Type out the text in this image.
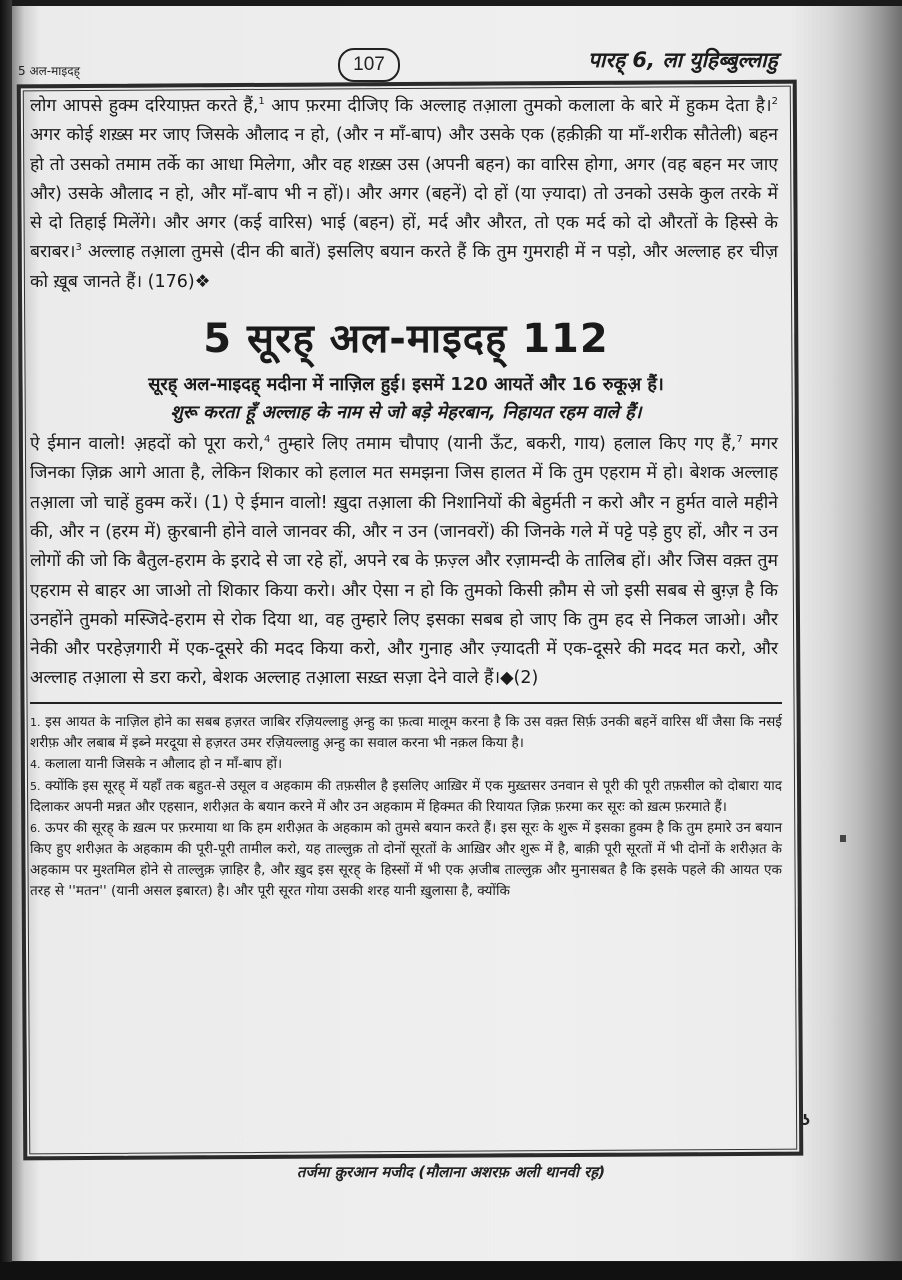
5 अल-माइदह्	107	पारह् 6, ला युहिब्बुल्लाहु

लोग आपसे हुक्म दरियाफ़्त करते हैं,$^1$ आप फ़रमा दीजिए कि अल्लाह तआ़ला तुमको कलाला के बारे में हुकम देता है।$^2$ अगर कोई शख़्स मर जाए जिसके औलाद न हो, (और न माँ-बाप) और उसके एक (हक़ीक़ी या माँ-शरीक सौतेली) बहन हो तो उसको तमाम तर्के का आधा मिलेगा, और वह शख़्स उस (अपनी बहन) का वारिस होगा, अगर (वह बहन मर जाए और) उसके औलाद न हो, और माँ-बाप भी न हों)। और अगर (बहनें) दो हों (या ज़्यादा) तो उनको उसके कुल तरके में से दो तिहाई मिलेंगे। और अगर (कई वारिस) भाई (बहन) हों, मर्द और औरत, तो एक मर्द को दो औरतों के हिस्से के बराबर।$^3$ अल्लाह तआ़ला तुमसे (दीन की बातें) इसलिए बयान करते हैं कि तुम गुमराही में न पड़ो, और अल्लाह हर चीज़ को ख़ूब जानते हैं। (176)❖

5 सूरह् अल-माइदह् 112
सूरह् अल-माइदह् मदीना में नाज़िल हुई। इसमें 120 आयतें और 16 रुकूअ़ हैं।
शुरू करता हूँ अल्लाह के नाम से जो बड़े मेहरबान, निहायत रहम वाले हैं।

ऐ ईमान वालो! अ़हदों को पूरा करो,$^4$ तुम्हारे लिए तमाम चौपाए (यानी ऊँट, बकरी, गाय) हलाल किए गए हैं,$^7$ मगर जिनका ज़िक्र आगे आता है, लेकिन शिकार को हलाल मत समझना जिस हालत में कि तुम एहराम में हो। बेशक अल्लाह तआ़ला जो चाहें हुक्म करें। (1) ऐ ईमान वालो! ख़ुदा तआ़ला की निशानियों की बेहुर्मती न करो और न हुर्मत वाले महीने की, और न (हरम में) क़ुरबानी होने वाले जानवर की, और न उन (जानवरों) की जिनके गले में पट्टे पड़े हुए हों, और न उन लोगों की जो कि बैतुल-हराम के इरादे से जा रहे हों, अपने रब के फ़ज़्ल और रज़ामन्दी के तालिब हों। और जिस वक़्त तुम एहराम से बाहर आ जाओ तो शिकार किया करो। और ऐसा न हो कि तुमको किसी क़ौम से जो इसी सबब से बुग़्ज़ है कि उनहोंने तुमको मस्जिदे-हराम से रोक दिया था, वह तुम्हारे लिए इसका सबब हो जाए कि तुम हद से निकल जाओ। और नेकी और परहेज़गारी में एक-दूसरे की मदद किया करो, और गुनाह और ज़्यादती में एक-दूसरे की मदद मत करो, और अल्लाह तआ़ला से डरा करो, बेशक अल्लाह तआ़ला सख़्त सज़ा देने वाले हैं।◆(2)

1. इस आयत के नाज़िल होने का सबब हज़रत जाबिर रज़ियल्लाहु अ़न्हु का फ़त्वा मालूम करना है कि उस वक़्त सिर्फ़ उनकी बहनें वारिस थीं जैसा कि नसई शरीफ़ और लबाब में इब्ने मरदूया से हज़रत उमर रज़ियल्लाहु अ़न्हु का सवाल करना भी नक़ल किया है।

4. कलाला यानी जिसके न औलाद हो न माँ-बाप हों।

5. क्योंकि इस सूरह् में यहाँ तक बहुत-से उसूल व अहकाम की तफ़सील है इसलिए आख़िर में एक मुख़्तसर उनवान से पूरी की पूरी तफ़सील को दोबारा याद दिलाकर अपनी मन्नत और एहसान, शरीअ़त के बयान करने में और उन अहकाम में हिक्मत की रियायत ज़िक्र फ़रमा कर सूरः को ख़त्म फ़रमाते हैं।

6. ऊपर की सूरह् के ख़त्म पर फ़रमाया था कि हम शरीअ़त के अहकाम को तुमसे बयान करते हैं। इस सूरः के शुरू में इसका हुक्म है कि तुम हमारे उन बयान किए हुए शरीअ़त के अहकाम की पूरी-पूरी तामील करो, यह ताल्लुक़ तो दोनों सूरतों के आख़िर और शुरू में है, बाक़ी पूरी सूरतों में भी दोनों के शरीअ़त के अहकाम पर मुश्तमिल होने से ताल्लुक़ ज़ाहिर है, और ख़ुद इस सूरह् के हिस्सों में भी एक अ़जीब ताल्लुक़ और मुनासबत है कि इसके पहले की आयत एक तरह से ''मतन'' (यानी असल इबारत) है। और पूरी सूरत गोया उसकी शरह यानी ख़ुलासा है, क्योंकि

ʖ
तर्जमा क़ुरआन मजीद (मौलाना अशरफ़ अली थानवी रह़)
